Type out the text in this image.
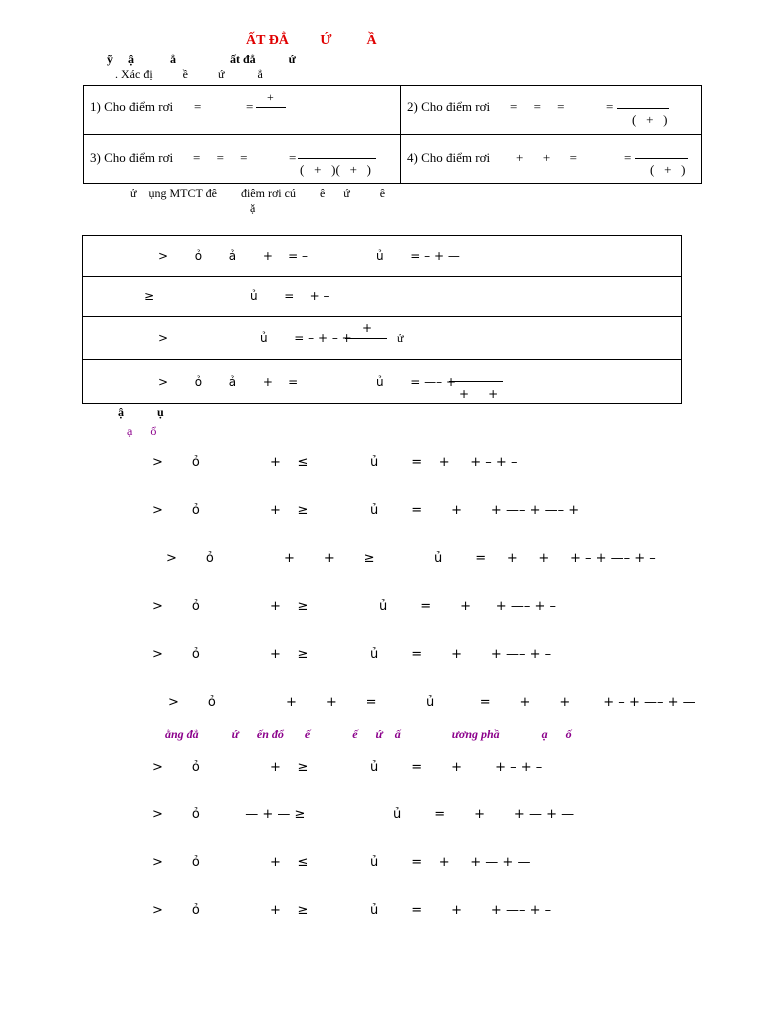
ẤT ĐẲ         Ứ          Ầ
ỹ     ậ            ẳ                  ất đẳ           ứ
. Xác đị          ề          ứ           ẳ
1) Cho điểm rơi =	=
+
2) Cho điểm rơi =     =     =	=
(   +   )
3) Cho điểm rơi =     =     =	=
(   +   )(   +   )
4) Cho điểm rơi +      +      =	=
(   +   )
ử    ụng MTCT đê        điêm rơi cú        ê      ứ          ê
ặ
>       ỏ       ả       +    = –	ủ       = – + —
≥	ủ       =    + –
>	ủ       = – + – +
+
ử
>       ỏ       ả       +    =	ủ       = —– +
+     +
ậ           ụ
ạ      ổ
>       ỏ                 +    ≤	ủ        =    +     + – + –
>       ỏ                 +    ≥	ủ        =       +       + —– + —– +
>       ỏ                 +       +       ≥	ủ        =     +     +     + – + —– + –
>       ỏ                 +    ≥	ủ        =       +      + —– + –
>       ỏ                 +    ≥	ủ        =       +       + —– + –
>       ỏ                 +       +       =	ủ           =       +       +        + – + —– + —
ằng đẳ           ứ      ến đổ       ế              ế      ứ    ấ                 ương phầ              ạ      ố
>       ỏ                 +    ≥	ủ        =       +        + – + –
>       ỏ           — + — ≥	ủ        =       +       + — + —
>       ỏ                 +    ≤	ủ        =    +     + — + —
>       ỏ                 +    ≥	ủ        =       +       + —– + –
